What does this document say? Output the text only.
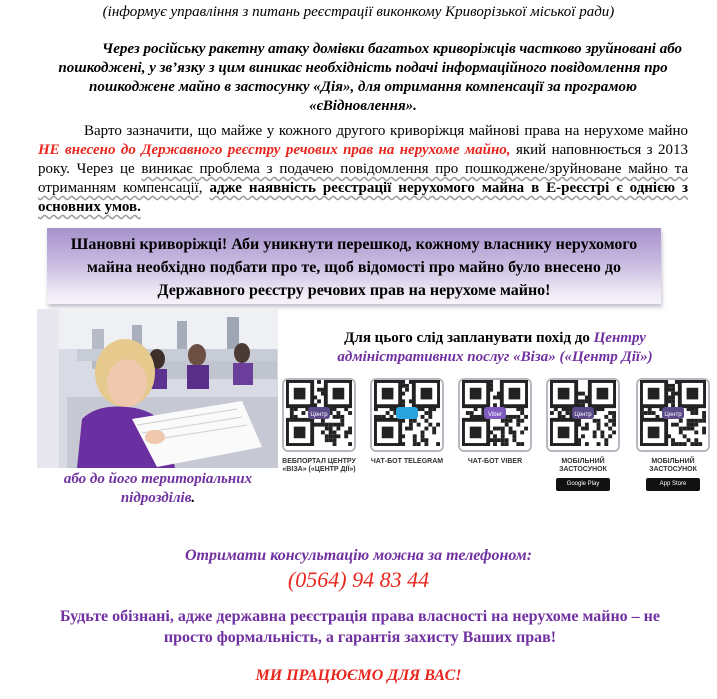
(інформує управління з питань реєстрації виконкому Криворізької міської ради)
Через російську ракетну атаку домівки багатьох криворіжців частково зруйновані або пошкоджені, у зв’язку з цим виникає необхідність подачі інформаційного повідомлення про пошкоджене майно в застосунку «Дія», для отримання компенсації за програмою «єВідновлення».
Варто зазначити, що майже у кожного другого криворіжця майнові права на нерухоме майно НЕ внесено до Державного реєстру речових прав на нерухоме майно, який наповнюється з 2013 року. Через це виникає проблема з подачею повідомлення про пошкоджене/зруйноване майно та отриманням компенсації, адже наявність реєстрації нерухомого майна в Е-реєстрі є однією з основних умов.
Шановні криворіжці! Аби уникнути перешкод, кожному власнику нерухомого майна необхідно подбати про те, щоб відомості про майно було внесено до Державного реєстру речових прав на нерухоме майно!
або до його територіальних підрозділів.
Для цього слід запланувати похід до Центру адміністративних послуг «Віза» («Центр Дії»)
Центр
ВЕБПОРТАЛ ЦЕНТРУ «ВІЗА» («ЦЕНТР ДІЇ»)
ЧАТ-БОТ TELEGRAM
Viber
ЧАТ-БОТ VIBER
Центр
МОБІЛЬНИЙ ЗАСТОСУНОК
Google Play
Центр
МОБІЛЬНИЙ ЗАСТОСУНОК
App Store
Отримати консультацію можна за телефоном:
(0564) 94 83 44
Будьте обізнані, адже державна реєстрація права власності на нерухоме майно – не просто формальність, а гарантія захисту Ваших прав!
МИ ПРАЦЮЄМО ДЛЯ ВАС!
